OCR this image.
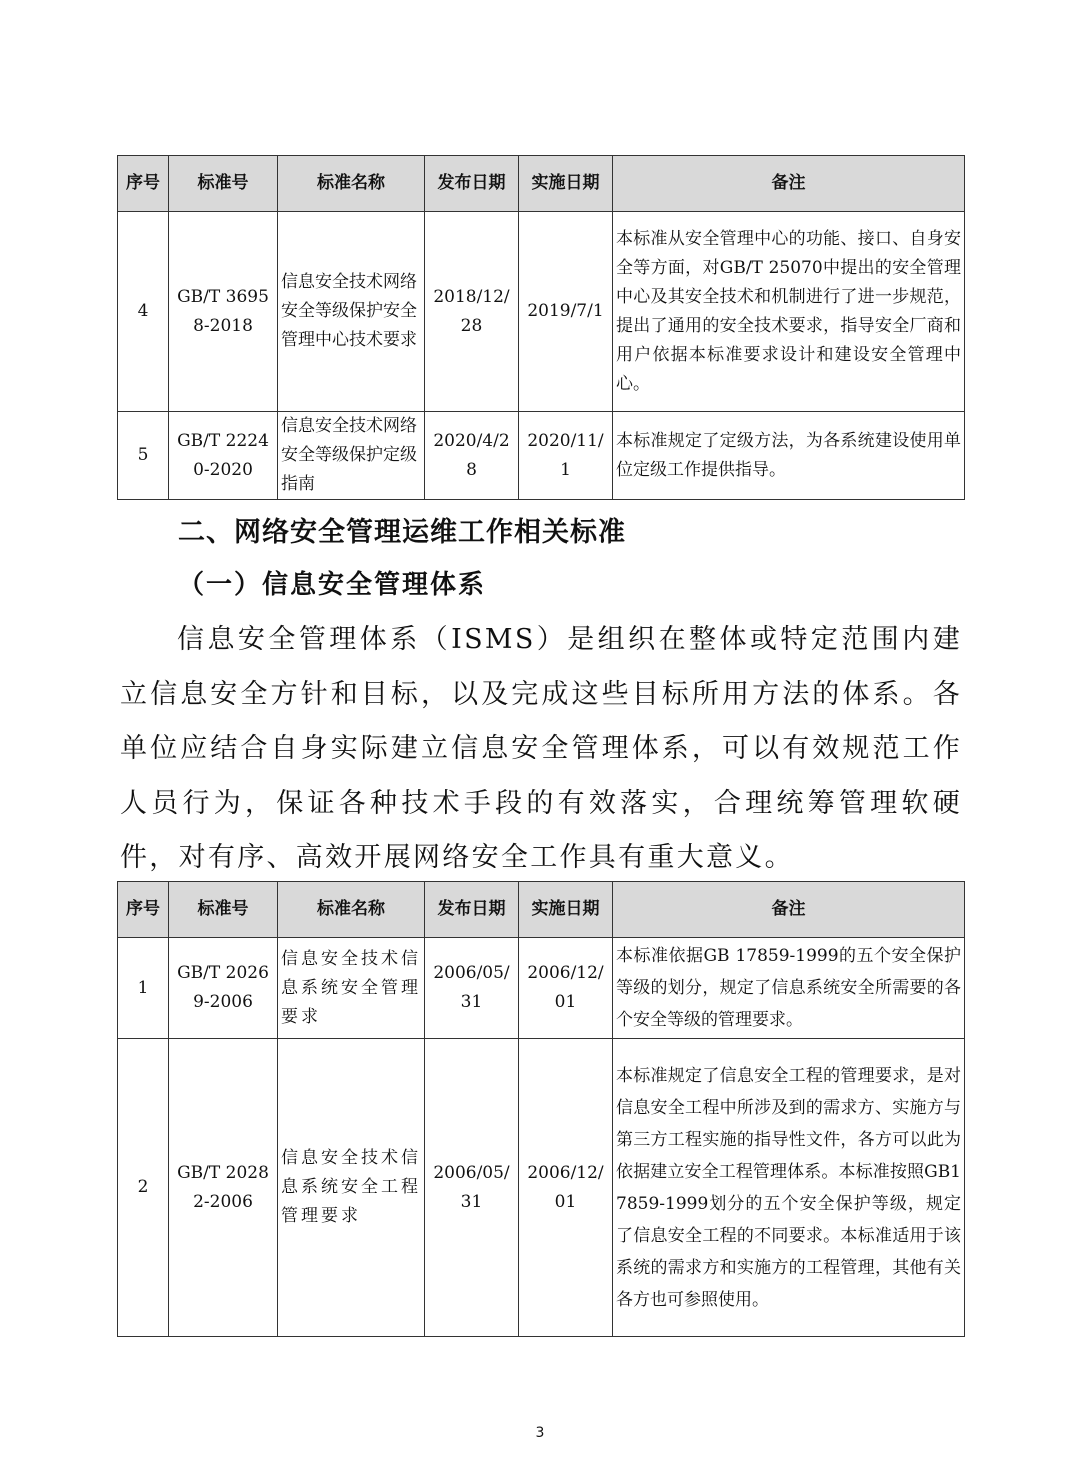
序号	标准号	标准名称	发布日期	实施日期	备注
4	GB/T 36958-2018	信息安全技术网络安全等级保护安全管理中心技术要求	2018/12/28	2019/7/1	本标准从安全管理中心的功能、接口、自身安全等方面，对GB/T 25070中提出的安全管理中心及其安全技术和机制进行了进一步规范，提出了通用的安全技术要求，指导安全厂商和用户依据本标准要求设计和建设安全管理中心。
5	GB/T 22240-2020	信息安全技术网络安全等级保护定级指南	2020/4/28	2020/11/1	本标准规定了定级方法，为各系统建设使用单位定级工作提供指导。
二、网络安全管理运维工作相关标准
（一）信息安全管理体系

信息安全管理体系（ISMS）是组织在整体或特定范围内建立信息安全方针和目标，以及完成这些目标所用方法的体系。各单位应结合自身实际建立信息安全管理体系，可以有效规范工作人员行为，保证各种技术手段的有效落实，合理统筹管理软硬件，对有序、高效开展网络安全工作具有重大意义。

序号	标准号	标准名称	发布日期	实施日期	备注
1	GB/T 20269-2006	信息安全技术信息系统安全管理要求	2006/05/31	2006/12/01	本标准依据GB 17859-1999的五个安全保护等级的划分，规定了信息系统安全所需要的各个安全等级的管理要求。
2	GB/T 20282-2006	信息安全技术信息系统安全工程管理要求	2006/05/31	2006/12/01	本标准规定了信息安全工程的管理要求，是对信息安全工程中所涉及到的需求方、实施方与第三方工程实施的指导性文件，各方可以此为依据建立安全工程管理体系。本标准按照GB17859-1999划分的五个安全保护等级，规定了信息安全工程的不同要求。本标准适用于该系统的需求方和实施方的工程管理，其他有关各方也可参照使用。
3
